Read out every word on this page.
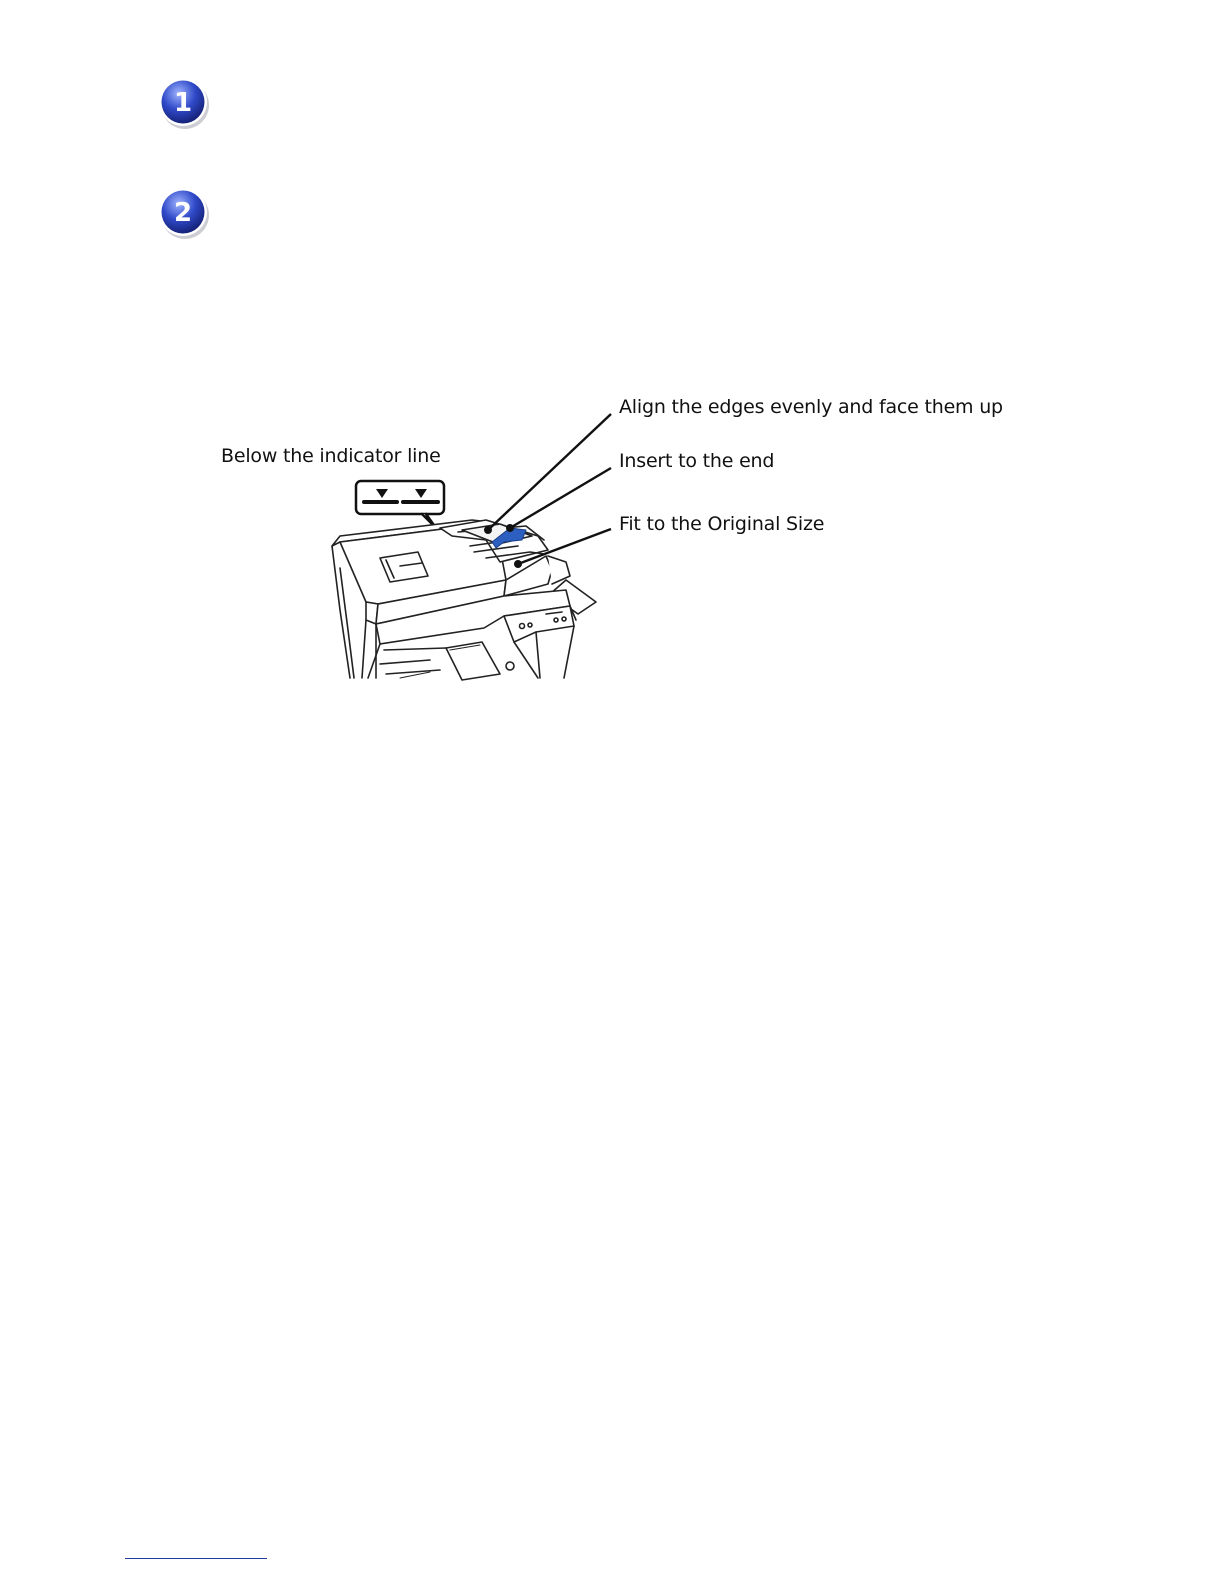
1
2
Below the indicator line
Align the edges evenly and face them up
Insert to the end
Fit to the Original Size
